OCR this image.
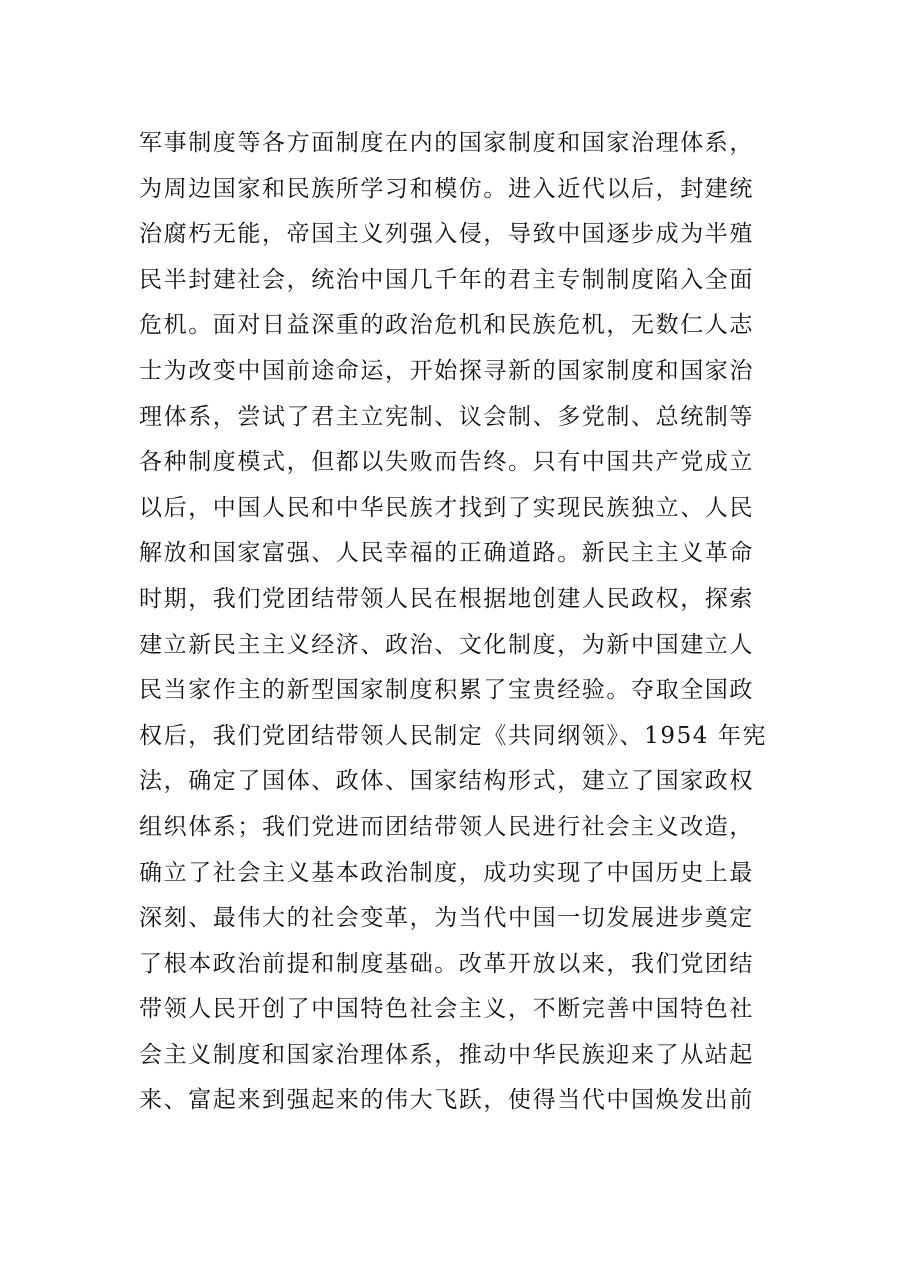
军事制度等各方面制度在内的国家制度和国家治理体系，
为周边国家和民族所学习和模仿。进入近代以后，封建统
治腐朽无能，帝国主义列强入侵，导致中国逐步成为半殖
民半封建社会，统治中国几千年的君主专制制度陷入全面
危机。面对日益深重的政治危机和民族危机，无数仁人志
士为改变中国前途命运，开始探寻新的国家制度和国家治
理体系，尝试了君主立宪制、议会制、多党制、总统制等
各种制度模式，但都以失败而告终。只有中国共产党成立
以后，中国人民和中华民族才找到了实现民族独立、人民
解放和国家富强、人民幸福的正确道路。新民主主义革命
时期，我们党团结带领人民在根据地创建人民政权，探索
建立新民主主义经济、政治、文化制度，为新中国建立人
民当家作主的新型国家制度积累了宝贵经验。夺取全国政
权后，我们党团结带领人民制定《共同纲领》、1954 年宪
法，确定了国体、政体、国家结构形式，建立了国家政权
组织体系；我们党进而团结带领人民进行社会主义改造，
确立了社会主义基本政治制度，成功实现了中国历史上最
深刻、最伟大的社会变革，为当代中国一切发展进步奠定
了根本政治前提和制度基础。改革开放以来，我们党团结
带领人民开创了中国特色社会主义，不断完善中国特色社
会主义制度和国家治理体系，推动中华民族迎来了从站起
来、富起来到强起来的伟大飞跃，使得当代中国焕发出前
